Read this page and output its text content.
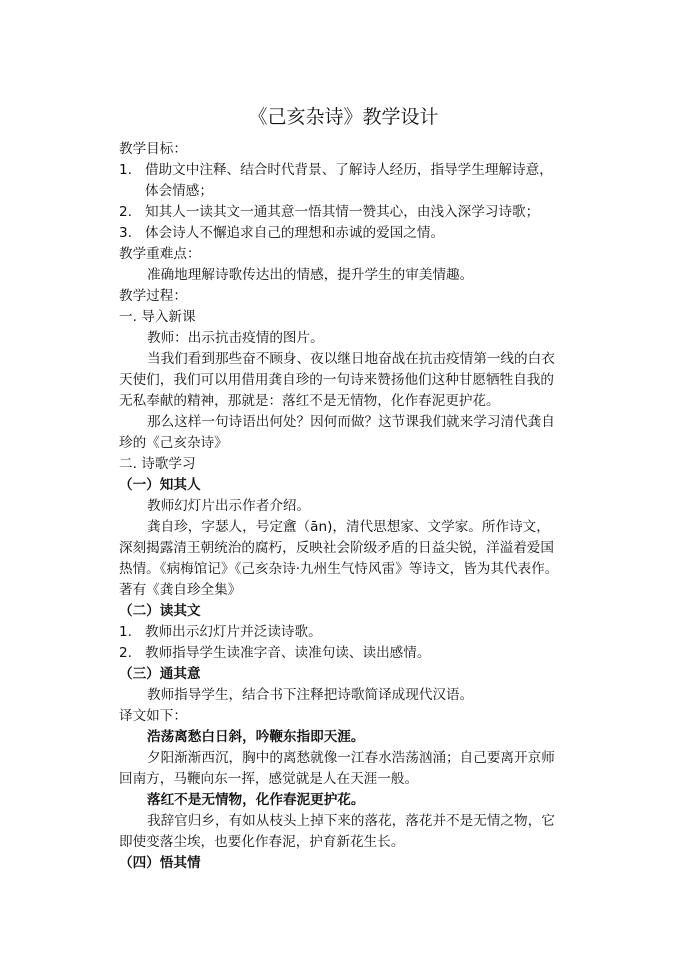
《己亥杂诗》教学设计
教学目标：
1. 借助文中注释、结合时代背景、了解诗人经历，指导学生理解诗意，
体会情感；
2. 知其人一读其文一通其意一悟其情一赞其心，由浅入深学习诗歌；
3. 体会诗人不懈追求自己的理想和赤诚的爱国之情。
教学重难点：
准确地理解诗歌传达出的情感，提升学生的审美情趣。
教学过程：
一. 导入新课
教师：出示抗击疫情的图片。
当我们看到那些奋不顾身、夜以继日地奋战在抗击疫情第一线的白衣
天使们，我们可以用借用龚自珍的一句诗来赞扬他们这种甘愿牺牲自我的
无私奉献的精神，那就是：落红不是无情物，化作春泥更护花。
那么这样一句诗语出何处？因何而做？这节课我们就来学习清代龚自
珍的《己亥杂诗》
二. 诗歌学习
（一）知其人
教师幻灯片出示作者介绍。
龚自珍，字瑟人，号定盦（ān)，清代思想家、文学家。所作诗文，
深刻揭露清王朝统治的腐朽，反映社会阶级矛盾的日益尖锐，洋溢着爱国
热情。《病梅馆记》《己亥杂诗·九州生气恃风雷》等诗文，皆为其代表作。
著有《龚自珍全集》
（二）读其文
1. 教师出示幻灯片并泛读诗歌。
2. 教师指导学生读准字音、读准句读、读出感情。
（三）通其意
教师指导学生，结合书下注释把诗歌简译成现代汉语。
译文如下：
浩荡离愁白日斜，吟鞭东指即天涯。
夕阳渐渐西沉，胸中的离愁就像一江春水浩荡汹涌；自己要离开京师
回南方，马鞭向东一挥，感觉就是人在天涯一般。
落红不是无情物，化作春泥更护花。
我辞官归乡，有如从枝头上掉下来的落花，落花并不是无情之物，它
即使变落尘埃，也要化作春泥，护育新花生长。
（四）悟其情
